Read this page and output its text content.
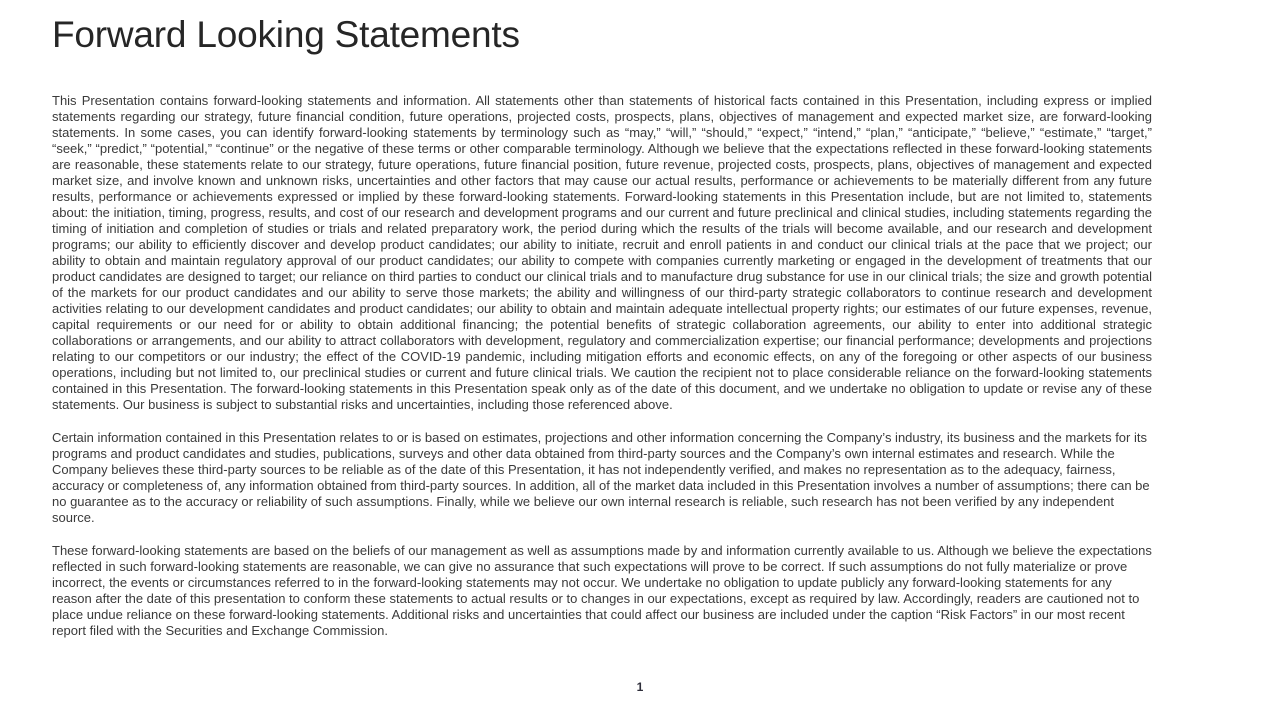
Forward Looking Statements

This Presentation contains forward-looking statements and information. All statements other than statements of historical facts contained in this Presentation, including express or implied statements regarding our strategy, future financial condition, future operations, projected costs, prospects, plans, objectives of management and expected market size, are forward-looking statements. In some cases, you can identify forward-looking statements by terminology such as “may,” “will,” “should,” “expect,” “intend,” “plan,” “anticipate,” “believe,” “estimate,” “target,” “seek,” “predict,” “potential,” “continue” or the negative of these terms or other comparable terminology. Although we believe that the expectations reflected in these forward-looking statements are reasonable, these statements relate to our strategy, future operations, future financial position, future revenue, projected costs, prospects, plans, objectives of management and expected market size, and involve known and unknown risks, uncertainties and other factors that may cause our actual results, performance or achievements to be materially different from any future results, performance or achievements expressed or implied by these forward-looking statements. Forward-looking statements in this Presentation include, but are not limited to, statements about: the initiation, timing, progress, results, and cost of our research and development programs and our current and future preclinical and clinical studies, including statements regarding the timing of initiation and completion of studies or trials and related preparatory work, the period during which the results of the trials will become available, and our research and development programs; our ability to efficiently discover and develop product candidates; our ability to initiate, recruit and enroll patients in and conduct our clinical trials at the pace that we project; our ability to obtain and maintain regulatory approval of our product candidates; our ability to compete with companies currently marketing or engaged in the development of treatments that our product candidates are designed to target; our reliance on third parties to conduct our clinical trials and to manufacture drug substance for use in our clinical trials; the size and growth potential of the markets for our product candidates and our ability to serve those markets; the ability and willingness of our third-party strategic collaborators to continue research and development activities relating to our development candidates and product candidates; our ability to obtain and maintain adequate intellectual property rights; our estimates of our future expenses, revenue, capital requirements or our need for or ability to obtain additional financing; the potential benefits of strategic collaboration agreements, our ability to enter into additional strategic collaborations or arrangements, and our ability to attract collaborators with development, regulatory and commercialization expertise; our financial performance; developments and projections relating to our competitors or our industry; the effect of the COVID-19 pandemic, including mitigation efforts and economic effects, on any of the foregoing or other aspects of our business operations, including but not limited to, our preclinical studies or current and future clinical trials. We caution the recipient not to place considerable reliance on the forward-looking statements contained in this Presentation. The forward-looking statements in this Presentation speak only as of the date of this document, and we undertake no obligation to update or revise any of these statements. Our business is subject to substantial risks and uncertainties, including those referenced above.

Certain information contained in this Presentation relates to or is based on estimates, projections and other information concerning the Company’s industry, its business and the markets for its programs and product candidates and studies, publications, surveys and other data obtained from third-party sources and the Company’s own internal estimates and research. While the Company believes these third-party sources to be reliable as of the date of this Presentation, it has not independently verified, and makes no representation as to the adequacy, fairness, accuracy or completeness of, any information obtained from third-party sources. In addition, all of the market data included in this Presentation involves a number of assumptions; there can be no guarantee as to the accuracy or reliability of such assumptions. Finally, while we believe our own internal research is reliable, such research has not been verified by any independent source.

These forward-looking statements are based on the beliefs of our management as well as assumptions made by and information currently available to us. Although we believe the expectations reflected in such forward-looking statements are reasonable, we can give no assurance that such expectations will prove to be correct. If such assumptions do not fully materialize or prove incorrect, the events or circumstances referred to in the forward-looking statements may not occur. We undertake no obligation to update publicly any forward-looking statements for any reason after the date of this presentation to conform these statements to actual results or to changes in our expectations, except as required by law. Accordingly, readers are cautioned not to place undue reliance on these forward-looking statements. Additional risks and uncertainties that could affect our business are included under the caption “Risk Factors” in our most recent report filed with the Securities and Exchange Commission.

1
